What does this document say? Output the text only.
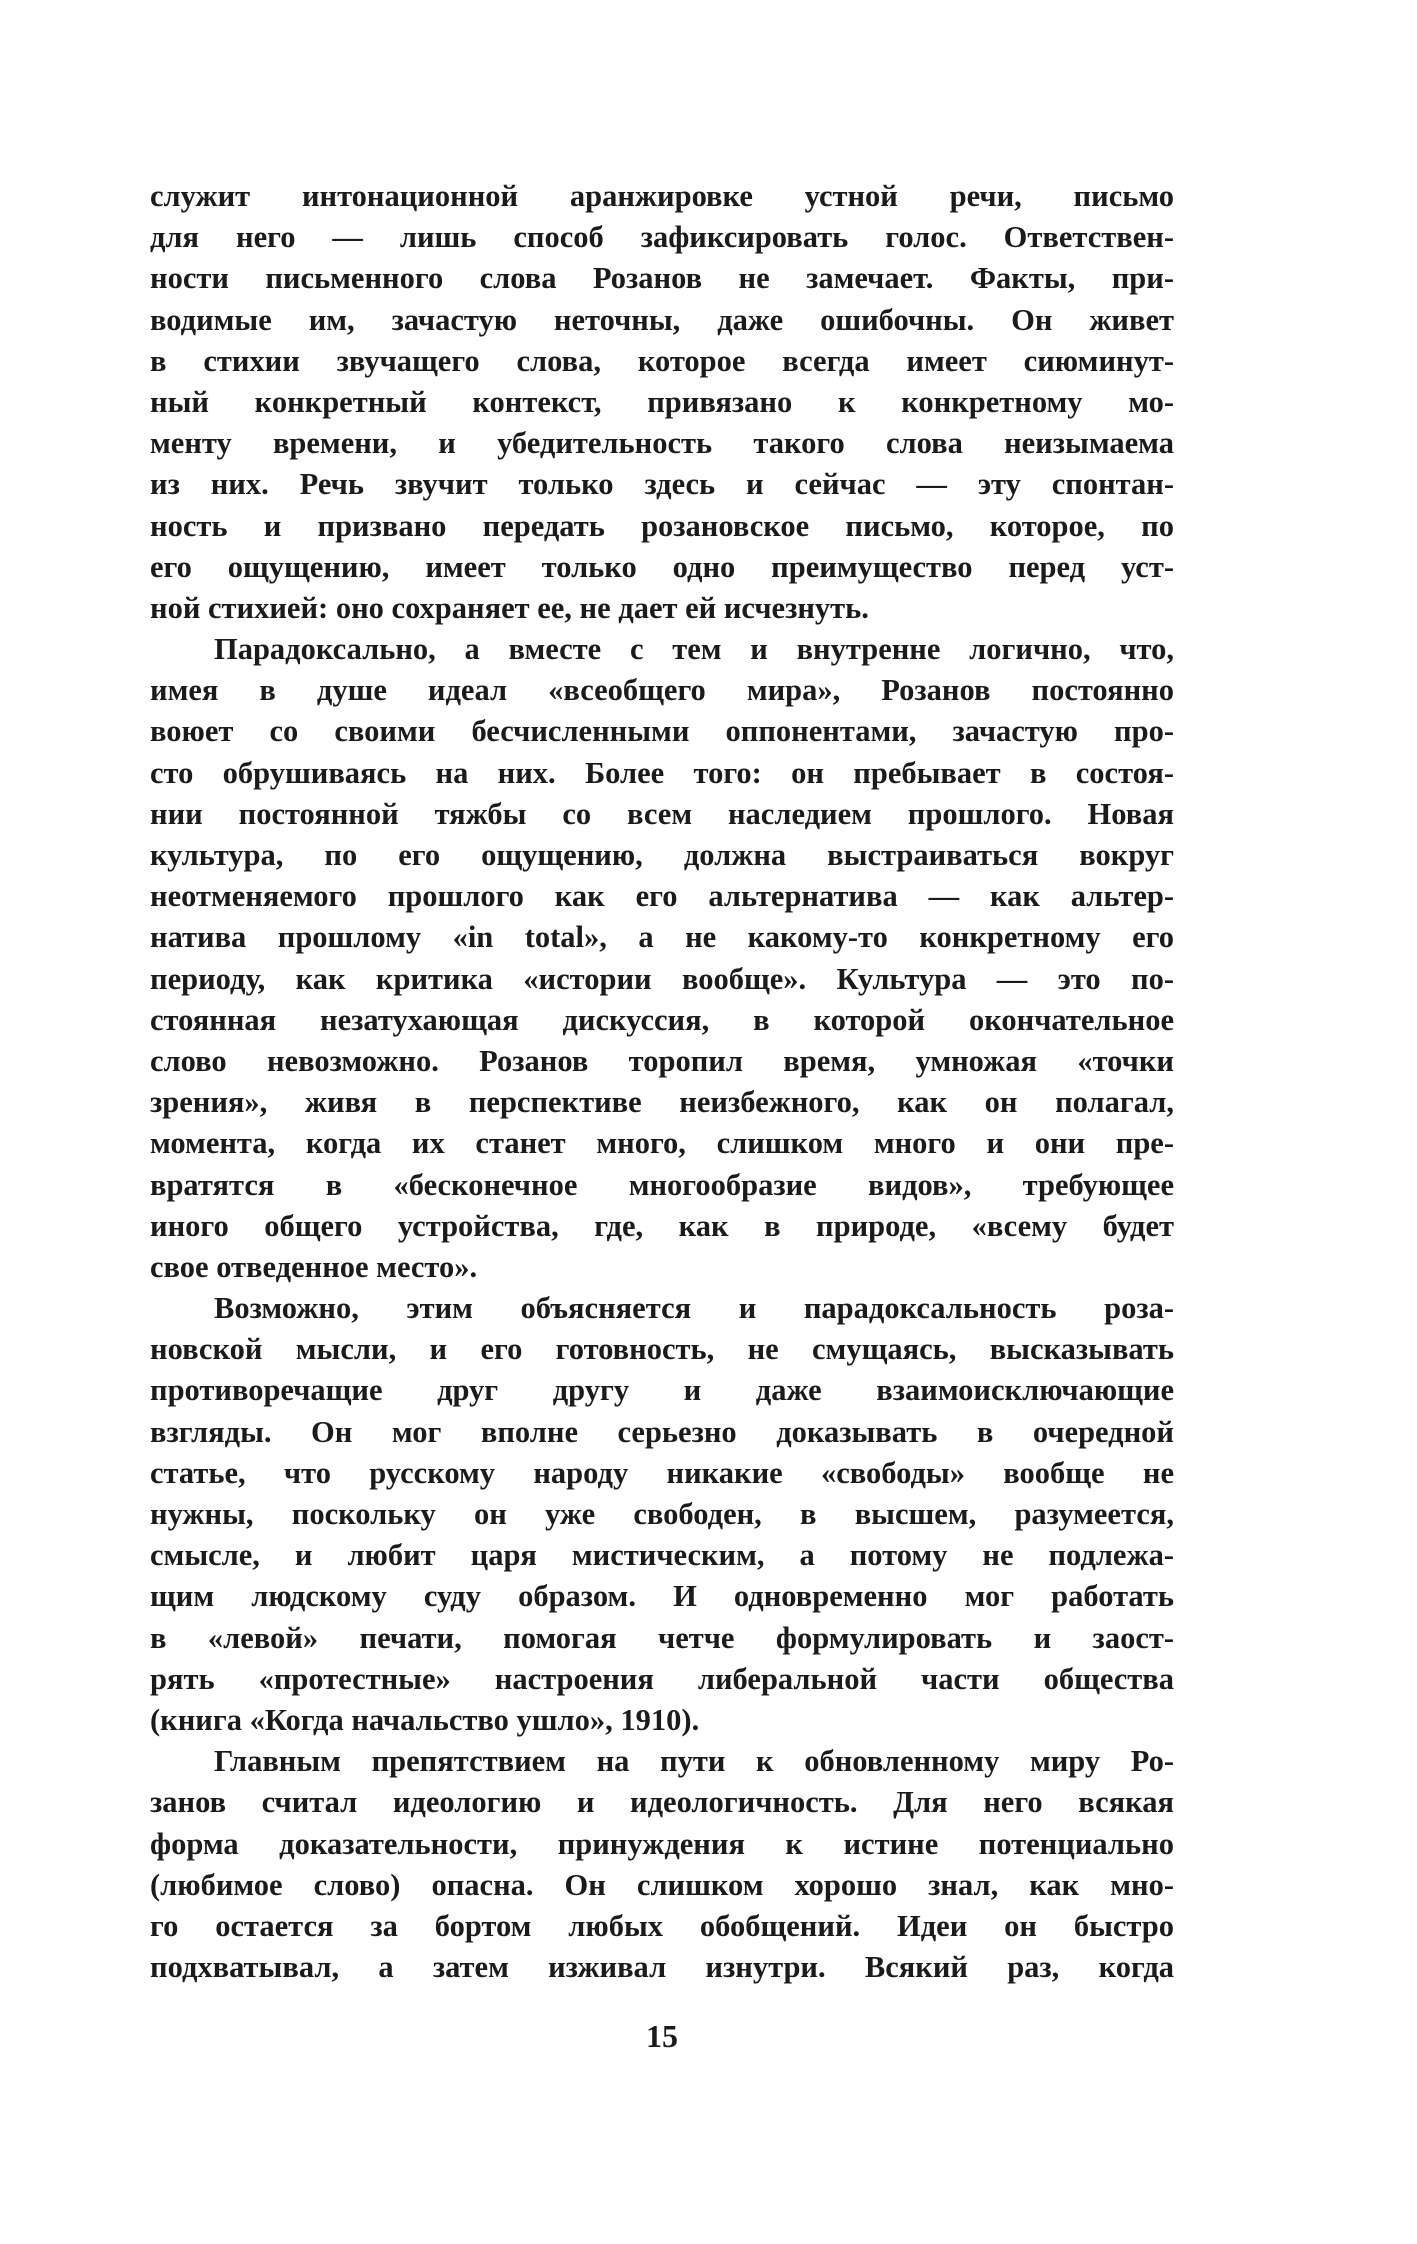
служит интонационной аранжировке устной речи, письмо
для него — лишь способ зафиксировать голос. Ответствен-
ности письменного слова Розанов не замечает. Факты, при-
водимые им, зачастую неточны, даже ошибочны. Он живет
в стихии звучащего слова, которое всегда имеет сиюминут-
ный конкретный контекст, привязано к конкретному мо-
менту времени, и убедительность такого слова неизымаема
из них. Речь звучит только здесь и сейчас — эту спонтан-
ность и призвано передать розановское письмо, которое, по
его ощущению, имеет только одно преимущество перед уст-
ной стихией: оно сохраняет ее, не дает ей исчезнуть.
Парадоксально, а вместе с тем и внутренне логично, что,
имея в душе идеал «всеобщего мира», Розанов постоянно
воюет со своими бесчисленными оппонентами, зачастую про-
сто обрушиваясь на них. Более того: он пребывает в состоя-
нии постоянной тяжбы со всем наследием прошлого. Новая
культура, по его ощущению, должна выстраиваться вокруг
неотменяемого прошлого как его альтернатива — как альтер-
натива прошлому «in total», а не какому-то конкретному его
периоду, как критика «истории вообще». Культура — это по-
стоянная незатухающая дискуссия, в которой окончательное
слово невозможно. Розанов торопил время, умножая «точки
зрения», живя в перспективе неизбежного, как он полагал,
момента, когда их станет много, слишком много и они пре-
вратятся в «бесконечное многообразие видов», требующее
иного общего устройства, где, как в природе, «всему будет
свое отведенное место».
Возможно, этим объясняется и парадоксальность роза-
новской мысли, и его готовность, не смущаясь, высказывать
противоречащие друг другу и даже взаимоисключающие
взгляды. Он мог вполне серьезно доказывать в очередной
статье, что русскому народу никакие «свободы» вообще не
нужны, поскольку он уже свободен, в высшем, разумеется,
смысле, и любит царя мистическим, а потому не подлежа-
щим людскому суду образом. И одновременно мог работать
в «левой» печати, помогая четче формулировать и заост-
рять «протестные» настроения либеральной части общества
(книга «Когда начальство ушло», 1910).
Главным препятствием на пути к обновленному миру Ро-
занов считал идеологию и идеологичность. Для него всякая
форма доказательности, принуждения к истине потенциально
(любимое слово) опасна. Он слишком хорошо знал, как мно-
го остается за бортом любых обобщений. Идеи он быстро
подхватывал, а затем изживал изнутри. Всякий раз, когда
15
